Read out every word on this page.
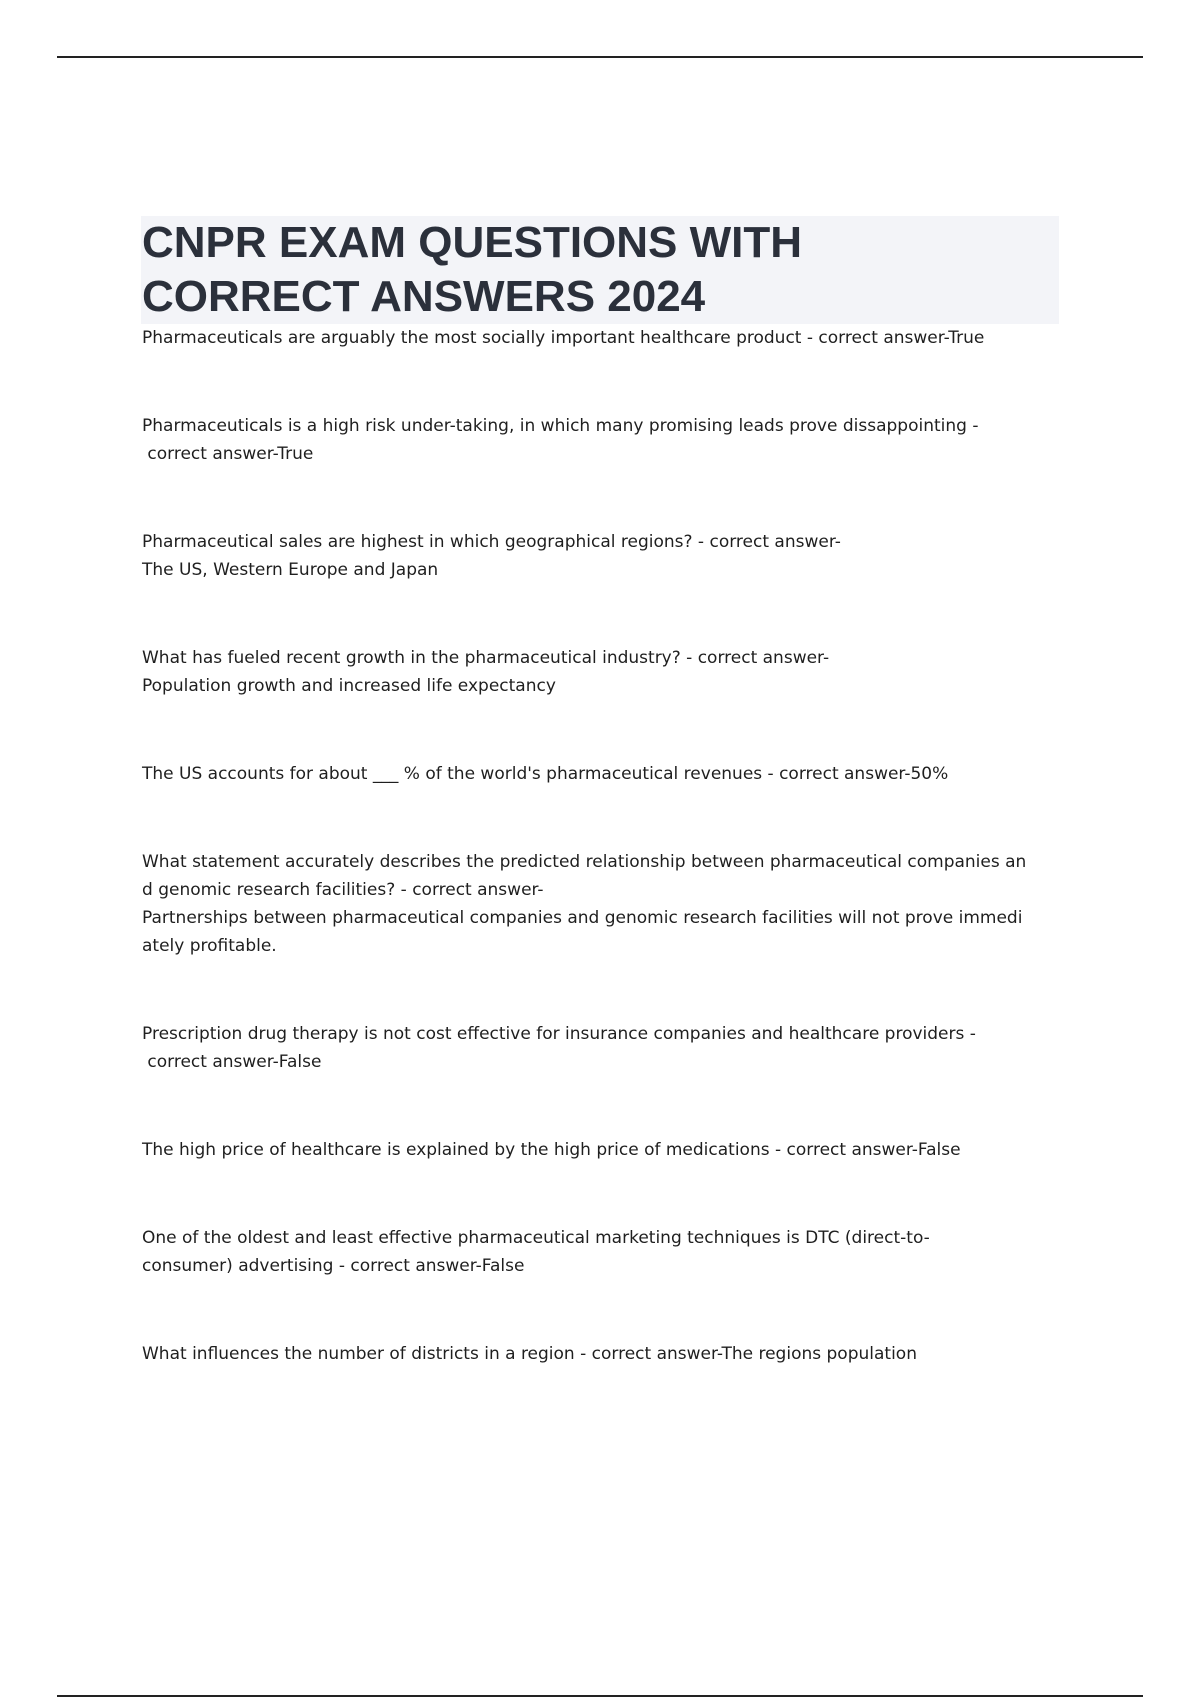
CNPR EXAM QUESTIONS WITH
CORRECT ANSWERS 2024

Pharmaceuticals are arguably the most socially important healthcare product - correct answer-True

Pharmaceuticals is a high risk under-taking, in which many promising leads prove dissappointing -
correct answer-True

Pharmaceutical sales are highest in which geographical regions? - correct answer-
The US, Western Europe and Japan

What has fueled recent growth in the pharmaceutical industry? - correct answer-
Population growth and increased life expectancy

The US accounts for about ___ % of the world's pharmaceutical revenues - correct answer-50%

What statement accurately describes the predicted relationship between pharmaceutical companies an
d genomic research facilities? - correct answer-
Partnerships between pharmaceutical companies and genomic research facilities will not prove immedi
ately profitable.

Prescription drug therapy is not cost effective for insurance companies and healthcare providers -
correct answer-False

The high price of healthcare is explained by the high price of medications - correct answer-False

One of the oldest and least effective pharmaceutical marketing techniques is DTC (direct-to-
consumer) advertising - correct answer-False

What influences the number of districts in a region - correct answer-The regions population
